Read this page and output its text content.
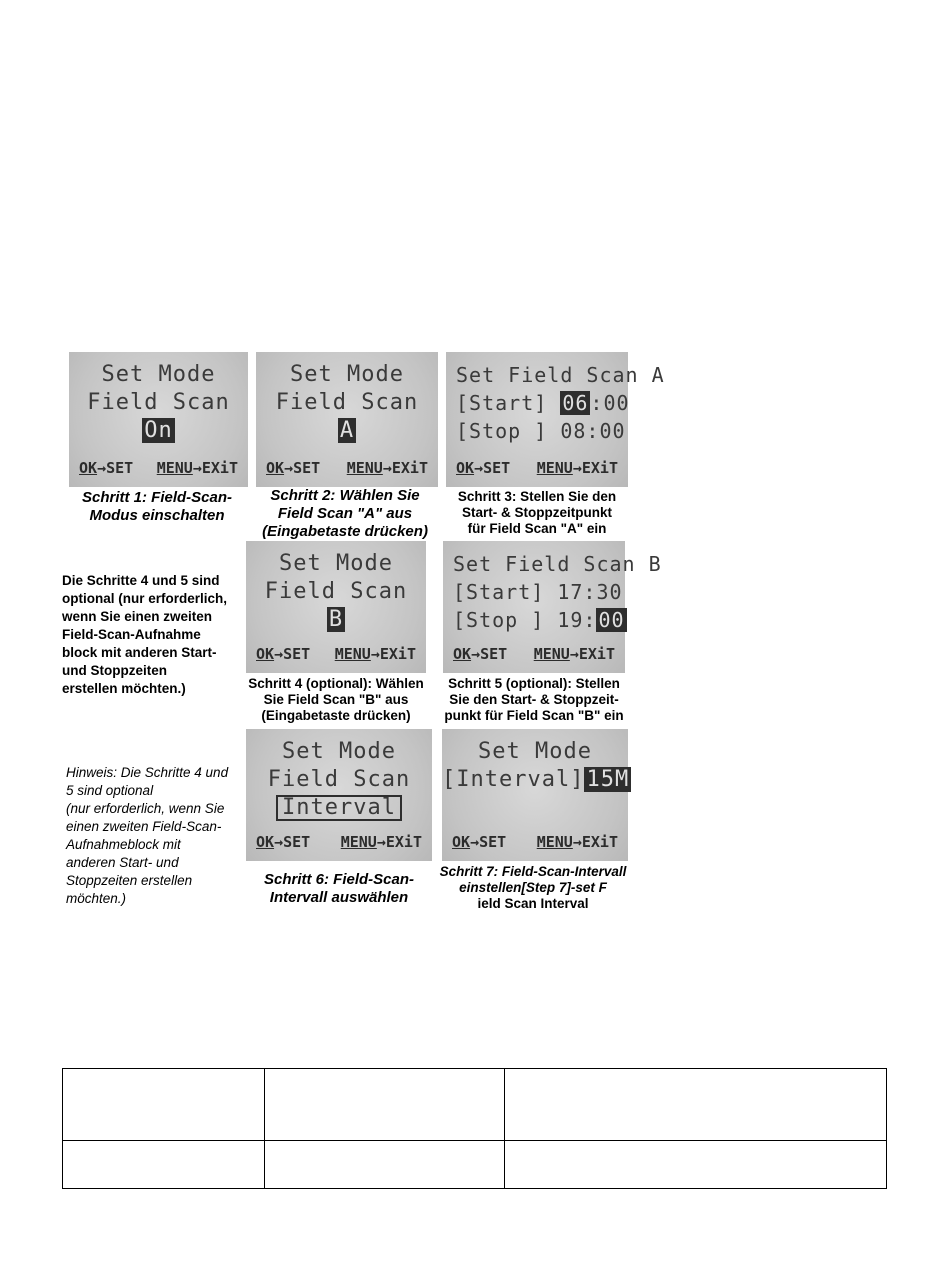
Set Mode
Field Scan
On
OK→SET MENU→EXiT
Set Mode
Field Scan
A
OK→SET MENU→EXiT
Set Field Scan A
[Start] 06 :00
[Stop ] 08:00
OK→SET MENU→EXiT
Schritt 1: Field-Scan-
Modus einschalten
Schritt 2: Wählen Sie
Field Scan "A" aus
(Eingabetaste drücken)
Schritt 3: Stellen Sie den
Start- & Stoppzeitpunkt
für Field Scan "A" ein
Die Schritte 4 und 5 sind
optional (nur erforderlich,
wenn Sie einen zweiten
Field-Scan-Aufnahme
block mit anderen Start-
und Stoppzeiten
erstellen möchten.)
Set Mode
Field Scan
B
OK→SET MENU→EXiT
Set Field Scan B
[Start] 17:30
[Stop ] 19: 00
OK→SET MENU→EXiT
Schritt 4 (optional): Wählen
Sie Field Scan "B" aus
(Eingabetaste drücken)
Schritt 5 (optional): Stellen
Sie den Start- & Stoppzeit-
punkt für Field Scan "B" ein
Hinweis: Die Schritte 4 und
5 sind optional
(nur erforderlich, wenn Sie
einen zweiten Field-Scan-
Aufnahmeblock mit
anderen Start- und
Stoppzeiten erstellen
möchten.)
Set Mode
Field Scan
Interval
OK→SET MENU→EXiT
Set Mode
[Interval]15M
OK→SET MENU→EXiT
Schritt 6: Field-Scan-
Intervall auswählen
Schritt 7: Field-Scan-Intervall
einstellen[Step 7]-set F
ield Scan Interval
